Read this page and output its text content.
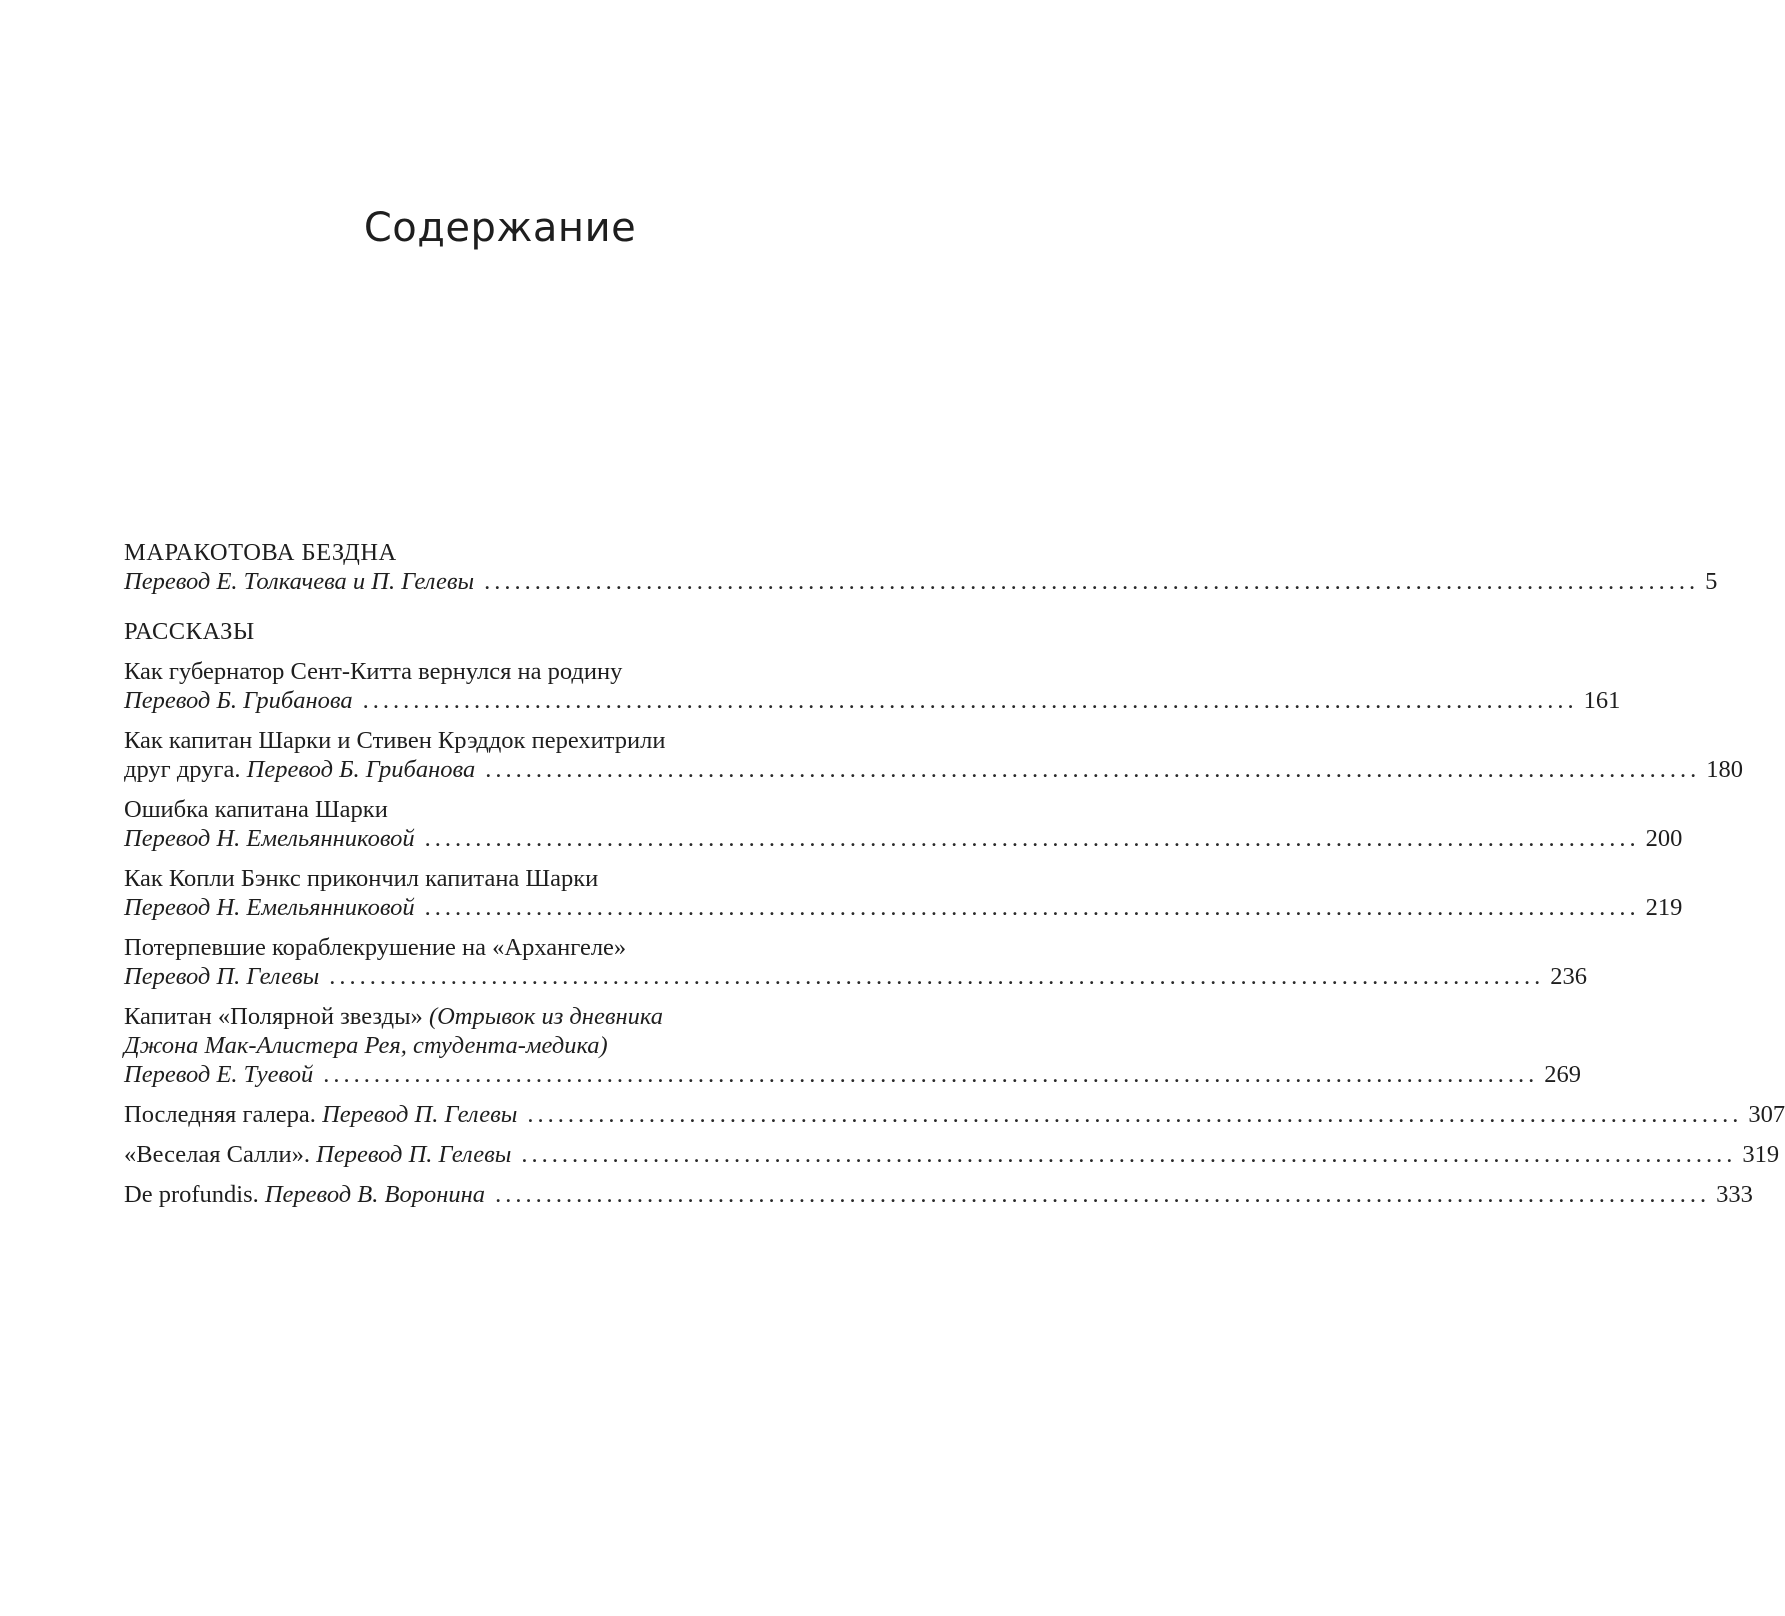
Содержание
МАРАКОТОВА БЕЗДНА
Перевод Е. Толкачева и П. Гелевы ........................................................................................................................ 5
РАССКАЗЫ
Как губернатор Сент-Китта вернулся на родину
Перевод Б. Грибанова ........................................................................................................................ 161
Как капитан Шарки и Стивен Крэддок перехитрили
друг друга. Перевод Б. Грибанова ........................................................................................................................ 180
Ошибка капитана Шарки
Перевод Н. Емельянниковой ........................................................................................................................ 200
Как Копли Бэнкс прикончил капитана Шарки
Перевод Н. Емельянниковой ........................................................................................................................ 219
Потерпевшие кораблекрушение на «Архангеле»
Перевод П. Гелевы ........................................................................................................................ 236
Капитан «Полярной звезды» (Отрывок из дневника
Джона Мак-Алистера Рея, студента-медика)
Перевод Е. Туевой ........................................................................................................................ 269
Последняя галера. Перевод П. Гелевы ........................................................................................................................ 307
«Веселая Салли». Перевод П. Гелевы ........................................................................................................................ 319
De profundis. Перевод В. Воронина ........................................................................................................................ 333
